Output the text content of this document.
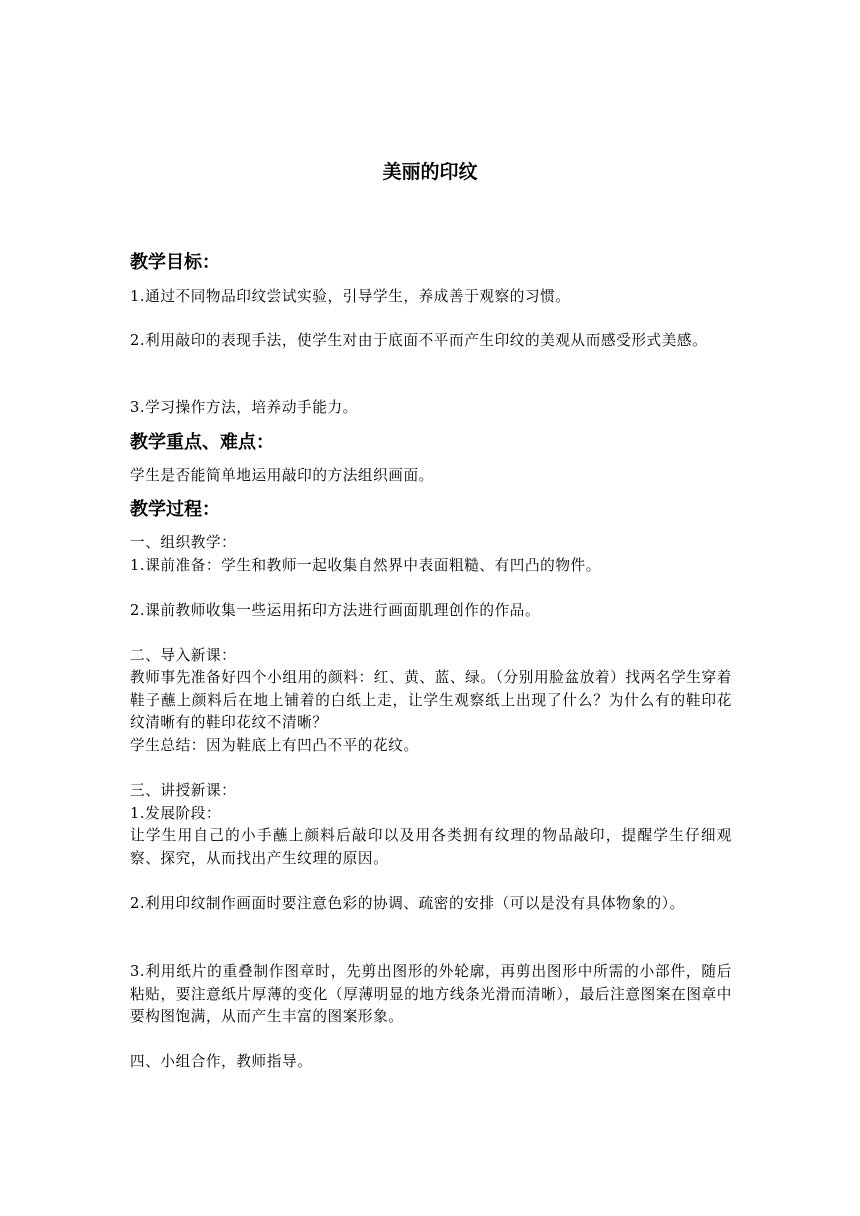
美丽的印纹
教学目标：

1.通过不同物品印纹尝试实验，引导学生，养成善于观察的习惯。

2.利用敲印的表现手法，使学生对由于底面不平而产生印纹的美观从而感受形式美感。

3.学习操作方法，培养动手能力。

教学重点、难点：

学生是否能简单地运用敲印的方法组织画面。

教学过程：

一、组织教学：

1.课前准备：学生和教师一起收集自然界中表面粗糙、有凹凸的物件。

2.课前教师收集一些运用拓印方法进行画面肌理创作的作品。

二、导入新课：

教师事先准备好四个小组用的颜料：红、黄、蓝、绿。（分别用脸盆放着）找两名学生穿着鞋子蘸上颜料后在地上铺着的白纸上走，让学生观察纸上出现了什么？为什么有的鞋印花纹清晰有的鞋印花纹不清晰？

学生总结：因为鞋底上有凹凸不平的花纹。

三、讲授新课：

1.发展阶段：

让学生用自己的小手蘸上颜料后敲印以及用各类拥有纹理的物品敲印，提醒学生仔细观察、探究，从而找出产生纹理的原因。

2.利用印纹制作画面时要注意色彩的协调、疏密的安排（可以是没有具体物象的）。

3.利用纸片的重叠制作图章时，先剪出图形的外轮廓，再剪出图形中所需的小部件，随后粘贴，要注意纸片厚薄的变化（厚薄明显的地方线条光滑而清晰），最后注意图案在图章中要构图饱满，从而产生丰富的图案形象。

四、小组合作，教师指导。
